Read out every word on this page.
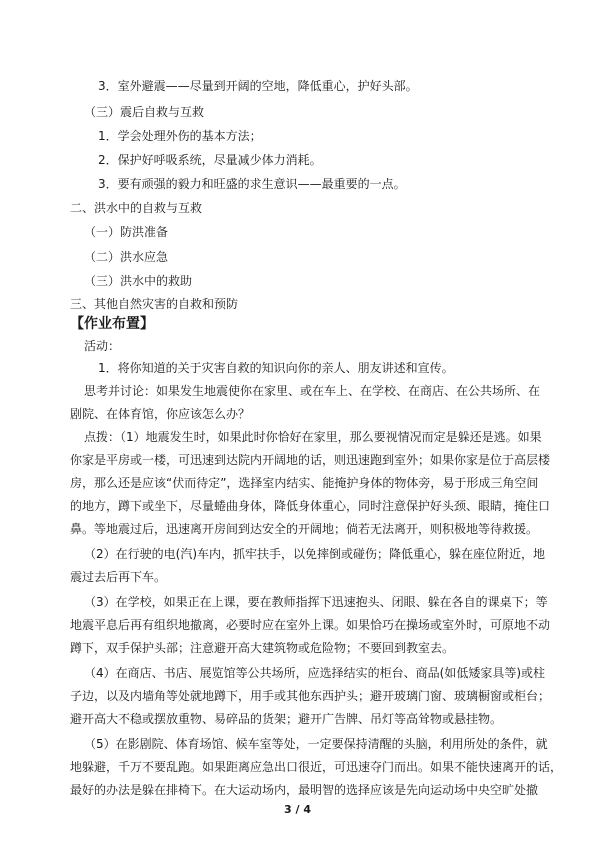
3．室外避震——尽量到开阔的空地，降低重心，护好头部。
（三）震后自救与互救
1．学会处理外伤的基本方法；
2．保护好呼吸系统，尽量减少体力消耗。
3．要有顽强的毅力和旺盛的求生意识——最重要的一点。
二、洪水中的自救与互救
（一）防洪准备
（二）洪水应急
（三）洪水中的救助
三、其他自然灾害的自救和预防
活动：
1．将你知道的关于灾害自救的知识向你的亲人、朋友讲述和宣传。
思考并讨论：如果发生地震使你在家里、或在车上、在学校、在商店、在公共场所、在
剧院、在体育馆，你应该怎么办？
点拨：（1）地震发生时，如果此时你恰好在家里，那么要视情况而定是躲还是逃。如果
你家是平房或一楼，可迅速到达院内开阔地的话，则迅速跑到室外；如果你家是位于高层楼
房，那么还是应该“伏而待定”，选择室内结实、能掩护身体的物体旁，易于形成三角空间
的地方，蹲下或坐下，尽量蜷曲身体，降低身体重心，同时注意保护好头颈、眼睛，掩住口
鼻。等地震过后，迅速离开房间到达安全的开阔地；倘若无法离开，则积极地等待救援。
（2）在行驶的电(汽)车内，抓牢扶手，以免摔倒或碰伤；降低重心，躲在座位附近，地
震过去后再下车。
（3）在学校，如果正在上课，要在教师指挥下迅速抱头、闭眼、躲在各自的课桌下；等
地震平息后再有组织地撤离，必要时应在室外上课。如果恰巧在操场或室外时，可原地不动
蹲下，双手保护头部；注意避开高大建筑物或危险物；不要回到教室去。
（4）在商店、书店、展览馆等公共场所，应选择结实的柜台、商品(如低矮家具等)或柱
子边，以及内墙角等处就地蹲下，用手或其他东西护头；避开玻璃门窗、玻璃橱窗或柜台；
避开高大不稳或摆放重物、易碎品的货架；避开广告牌、吊灯等高耸物或悬挂物。
（5）在影剧院、体育场馆、候车室等处，一定要保持清醒的头脑，利用所处的条件，就
地躲避，千万不要乱跑。如果距离应急出口很近，可迅速夺门而出。如果不能快速离开的话，
最好的办法是躲在排椅下。在大运动场内，最明智的选择应该是先向运动场中央空旷处撤
【作业布置】
3 / 4
